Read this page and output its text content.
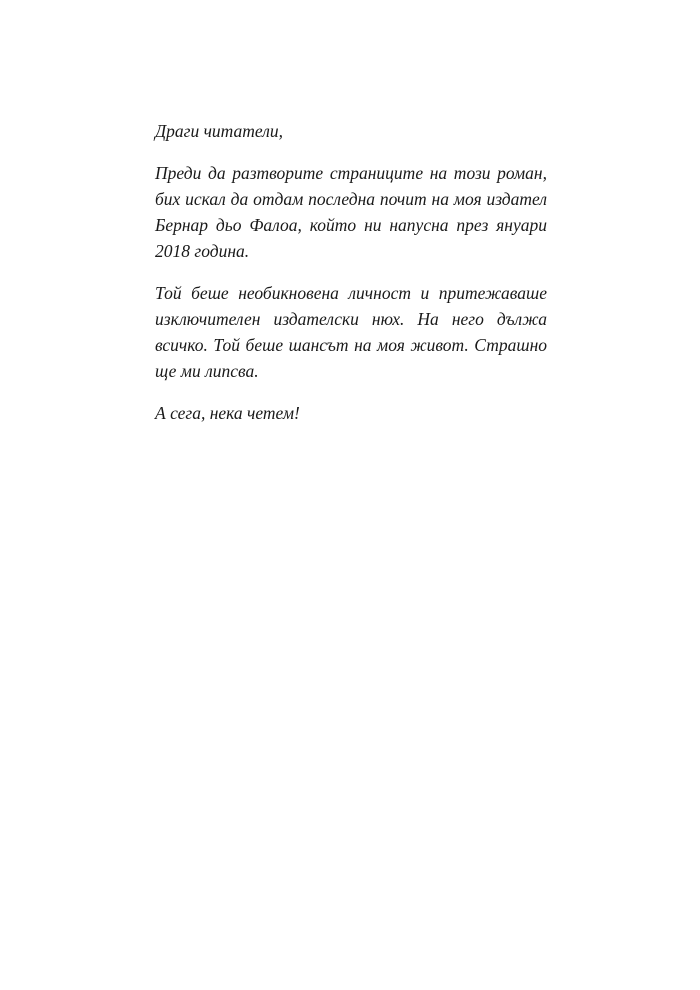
Драги читатели,

Преди да разтворите страниците на този роман, бих искал да отдам последна почит на моя издател Бернар дьо Фалоа, който ни напусна през януари 2018 година.

Той беше необикновена личност и притежаваше изключителен издателски нюх. На него дължа всичко. Той беше шансът на моя живот. Страшно ще ми липсва.

А сега, нека четем!
